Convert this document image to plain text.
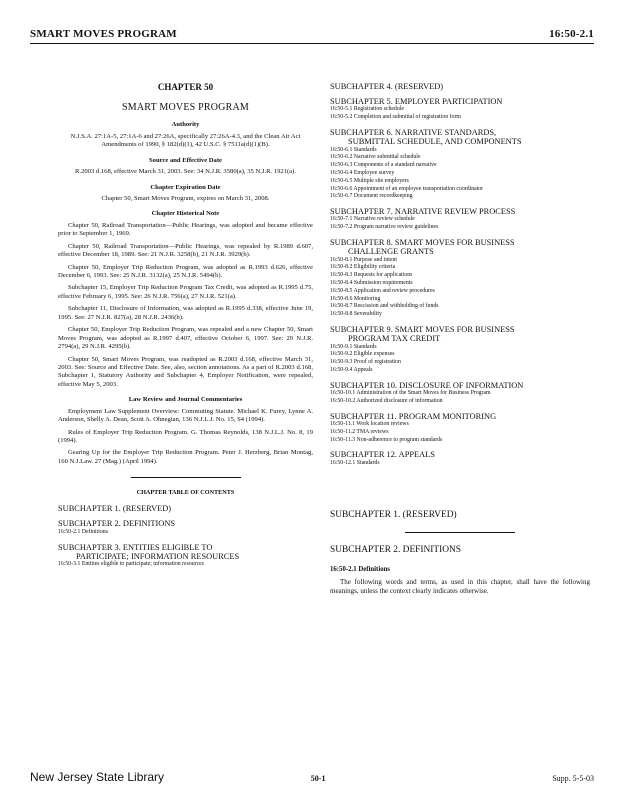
SMART MOVES PROGRAM	16:50-2.1
CHAPTER 50
SMART MOVES PROGRAM
Authority

N.J.S.A. 27:1A-5, 27:1A-6 and 27:26A, specifically 27:26A-4.3, and the Clean Air Act Amendments of 1990, § 182(d)(1), 42 U.S.C. § 7511a(d)(1)(B).

Source and Effective Date

R.2003 d.168, effective March 31, 2003. See: 34 N.J.R. 3580(a), 35 N.J.R. 1921(a).

Chapter Expiration Date

Chapter 50, Smart Moves Program, expires on March 31, 2008.

Chapter Historical Note

Chapter 50, Railroad Transportation—Public Hearings, was adopted and became effective prior to September 1, 1969.

Chapter 50, Railroad Transportation—Public Hearings, was repealed by R.1989 d.607, effective December 18, 1989. See: 21 N.J.R. 3258(b), 21 N.J.R. 3929(b).

Chapter 50, Employer Trip Reduction Program, was adopted as R.1993 d.626, effective December 6, 1993. See: 25 N.J.R. 3132(a), 25 N.J.R. 5494(b).

Subchapter 15, Employer Trip Reduction Program Tax Credit, was adopted as R.1995 d.75, effective February 6, 1995. See: 26 N.J.R. 756(a), 27 N.J.R. 521(a).

Subchapter 11, Disclosure of Information, was adopted as R.1995 d.338, effective June 19, 1995. See: 27 N.J.R. 827(a), 28 N.J.R. 2436(b).

Chapter 50, Employer Trip Reduction Program, was repealed and a new Chapter 50, Smart Moves Program, was adopted as R.1997 d.407, effective October 6, 1997. See: 29 N.J.R. 2794(a), 29 N.J.R. 4295(b).

Chapter 50, Smart Moves Program, was readopted as R.2003 d.168, effective March 31, 2003. See: Source and Effective Date. See, also, section annotations. As a part of R.2003 d.168, Subchapter 1, Statutory Authority and Subchapter 4, Employer Notification, were repealed, effective May 5, 2003.

Law Review and Journal Commentaries

Employment Law Supplement Overview: Commuting Statute. Michael K. Furey, Lynne A. Anderson, Shelly A. Dean, Scott A. Ohnegian, 136 N.J.L.J. No. 15, S4 (1994).

Rules of Employer Trip Reduction Program. G. Thomas Reynolds, 138 N.J.L.J. No. 8, 19 (1994).

Gearing Up for the Employer Trip Reduction Program. Peter J. Herzberg, Brian Montag, 160 N.J.Law. 27 (Mag.) (April 1994).

CHAPTER TABLE OF CONTENTS
SUBCHAPTER 1. (RESERVED)
SUBCHAPTER 2. DEFINITIONS
16:50-2.1 Definitions
SUBCHAPTER 3. ENTITIES ELIGIBLE TO
PARTICIPATE; INFORMATION RESOURCES
16:50-3.1 Entities eligible to participate; information resources
SUBCHAPTER 4. (RESERVED)
SUBCHAPTER 5. EMPLOYER PARTICIPATION
16:50-5.1 Registration schedule
16:50-5.2 Completion and submittal of registration form
SUBCHAPTER 6. NARRATIVE STANDARDS,
SUBMITTAL SCHEDULE, AND COMPONENTS
16:50-6.1 Standards
16:50-6.2 Narrative submittal schedule
16:50-6.3 Components of a standard narrative
16:50-6.4 Employee survey
16:50-6.5 Multiple site employers
16:50-6.6 Appointment of an employee transportation coordinator
16:50-6.7 Document recordkeeping
SUBCHAPTER 7. NARRATIVE REVIEW PROCESS
16:50-7.1 Narrative review schedule
16:50-7.2 Program narrative review guidelines
SUBCHAPTER 8. SMART MOVES FOR BUSINESS
CHALLENGE GRANTS
16:50-8.1 Purpose and intent
16:50-8.2 Eligibility criteria
16:50-8.3 Requests for applications
16:50-8.4 Submission requirements
16:50-8.5 Application and review procedures
16:50-8.6 Monitoring
16:50-8.7 Rescission and withholding of funds
16:50-8.8 Severability
SUBCHAPTER 9. SMART MOVES FOR BUSINESS
PROGRAM TAX CREDIT
16:50-9.1 Standards
16:50-9.2 Eligible expenses
16:50-9.3 Proof of registration
16:50-9.4 Appeals
SUBCHAPTER 10. DISCLOSURE OF INFORMATION
16:50-10.1 Administration of the Smart Moves for Business Program
16:50-10.2 Authorized disclosure of information
SUBCHAPTER 11. PROGRAM MONITORING
16:50-11.1 Work location reviews
16:50-11.2 TMA reviews
16:50-11.3 Non-adherence to program standards
SUBCHAPTER 12. APPEALS
16:50-12.1 Standards
SUBCHAPTER 1. (RESERVED)
SUBCHAPTER 2. DEFINITIONS
16:50-2.1 Definitions

The following words and terms, as used in this chapter, shall have the following meanings, unless the context clearly indicates otherwise.

New Jersey State Library	50-1	Supp. 5-5-03
